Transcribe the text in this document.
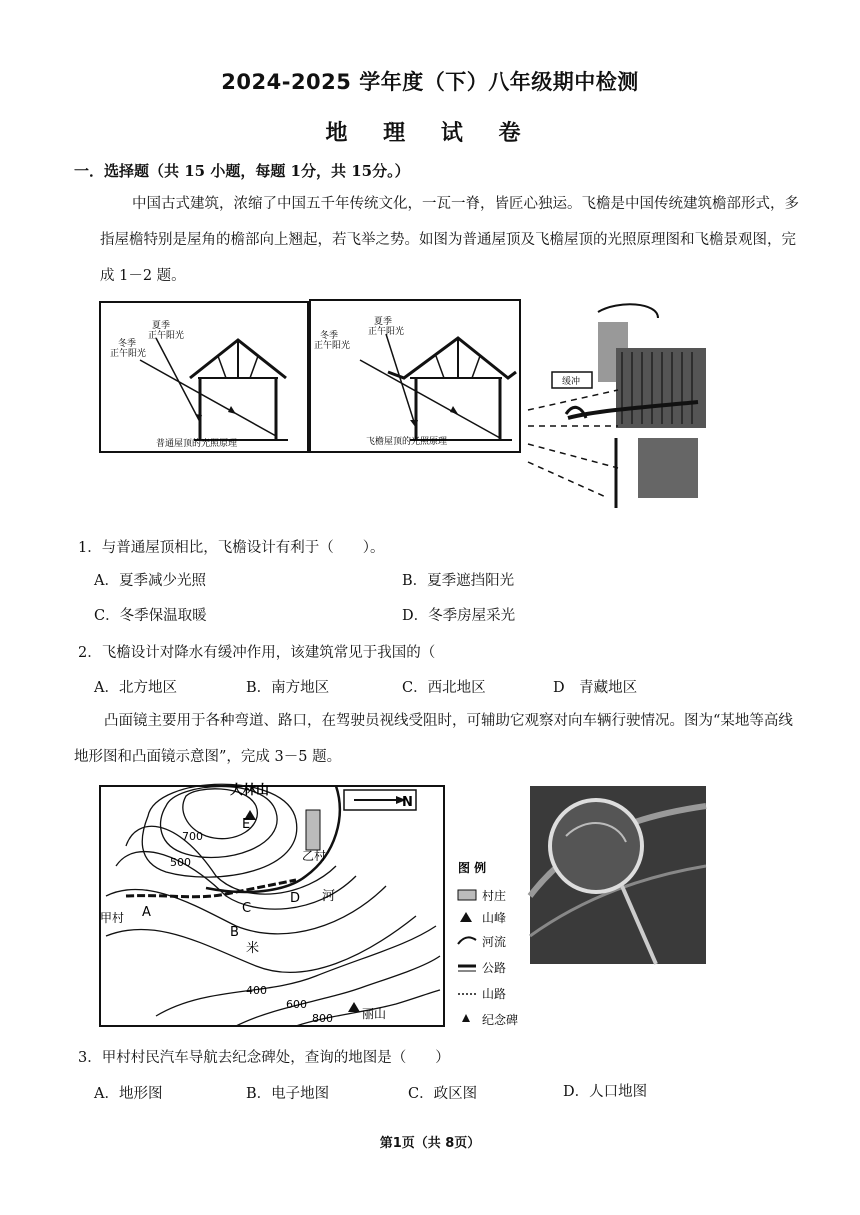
2024-2025 学年度（下）八年级期中检测
地 理 试 卷
一．选择题（共 15 小题，每题 1分，共 15分。）
中国古式建筑，浓缩了中国五千年传统文化，一瓦一脊，皆匠心独运。飞檐是中国传统建筑檐部形式，多指屋檐特别是屋角的檐部向上翘起，若飞举之势。如图为普通屋顶及飞檐屋顶的光照原理图和飞檐景观图，完成 1－2 题。
夏季
正午阳光
冬季
正午阳光
普通屋顶的光照原理
夏季
正午阳光
冬季
正午阳光
飞檐屋顶的光照原理
缓冲
1．与普通屋顶相比，飞檐设计有利于（　　）。
A．夏季减少光照	B．夏季遮挡阳光
C．冬季保温取暖	D．冬季房屋采光
2．飞檐设计对降水有缓冲作用，该建筑常见于我国的（
A．北方地区	B．南方地区	C．西北地区	D　青藏地区
凸面镜主要用于各种弯道、路口，在驾驶员视线受阻时，可辅助它观察对向车辆行驶情况。图为“某地等高线地形图和凸面镜示意图”，完成 3－5 题。
N
大林山
丽山
甲村
乙村
河
米
A
B
C
D
E
700
500
400
600
800
图 例
村庄
山峰
河流
公路
山路
纪念碑
3．甲村村民汽车导航去纪念碑处，查询的地图是（　　）
A．地形图	B．电子地图	C．政区图	D．人口地图
第1页（共 8页）
